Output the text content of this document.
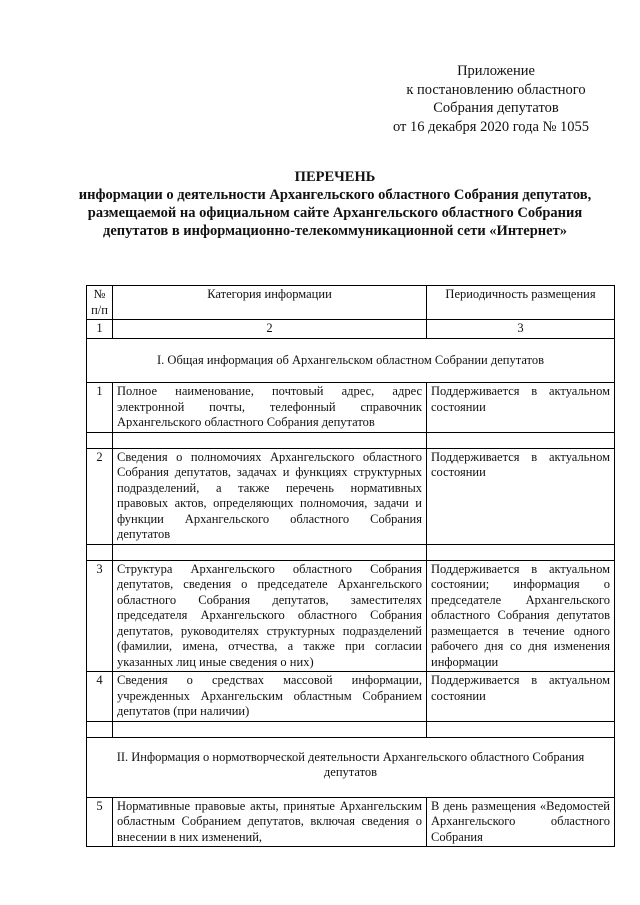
Приложение
к постановлению областного
Собрания депутатов
от 16 декабря 2020 года № 1055
ПЕРЕЧЕНЬ
информации о деятельности Архангельского областного Собрания депутатов, размещаемой на официальном сайте Архангельского областного Собрания депутатов в информационно-телекоммуникационной сети «Интернет»
№ п/п	Категория информации	Периодичность размещения
1	2	3
I. Общая информация об Архангельском областном Собрании депутатов		
1	Полное наименование, почтовый адрес, адрес электронной почты, телефонный справочник Архангельского областного Собрания депутатов	Поддерживается в актуальном состоянии

2	Сведения о полномочиях Архангельского областного Собрания депутатов, задачах и функциях структурных подразделений, а также перечень нормативных правовых актов, определяющих полномочия, задачи и функции Архангельского областного Собрания депутатов	Поддерживается в актуальном состоянии

3	Структура Архангельского областного Собрания депутатов, сведения о председателе Архангельского областного Собрания депутатов, заместителях председателя Архангельского областного Собрания депутатов, руководителях структурных подразделений (фамилии, имена, отчества, а также при согласии указанных лиц иные сведения о них)	Поддерживается в актуальном состоянии; информация о председателе Архангельского областного Собрания депутатов размещается в течение одного рабочего дня со дня изменения информации
4	Сведения о средствах массовой информации, учрежденных Архангельским областным Собранием депутатов (при наличии)	Поддерживается в актуальном состоянии

II. Информация о нормотворческой деятельности Архангельского областного Собрания депутатов		
5	Нормативные правовые акты, принятые Архангельским областным Собранием депутатов, включая сведения о внесении в них изменений,	В день размещения «Ведомостей Архангельского областного Собрания
